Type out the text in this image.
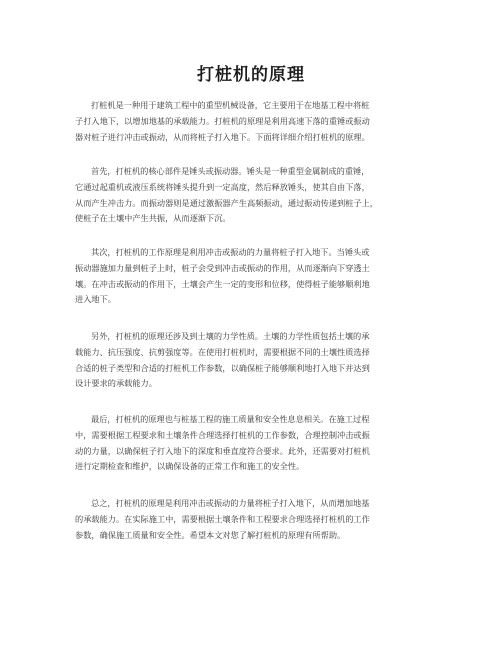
打桩机的原理
打桩机是一种用于建筑工程中的重型机械设备，它主要用于在地基工程中将桩
子打入地下，以增加地基的承载能力。打桩机的原理是利用高速下落的重锤或振动
器对桩子进行冲击或振动，从而将桩子打入地下。下面将详细介绍打桩机的原理。
首先，打桩机的核心部件是锤头或振动器。锤头是一种重型金属制成的重锤，
它通过起重机或液压系统将锤头提升到一定高度，然后释放锤头，使其自由下落，
从而产生冲击力。而振动器则是通过激振器产生高频振动，通过振动传递到桩子上，
使桩子在土壤中产生共振，从而逐渐下沉。
其次，打桩机的工作原理是利用冲击或振动的力量将桩子打入地下。当锤头或
振动器施加力量到桩子上时，桩子会受到冲击或振动的作用，从而逐渐向下穿透土
壤。在冲击或振动的作用下，土壤会产生一定的变形和位移，使得桩子能够顺利地
进入地下。
另外，打桩机的原理还涉及到土壤的力学性质。土壤的力学性质包括土壤的承
载能力、抗压强度、抗剪强度等。在使用打桩机时，需要根据不同的土壤性质选择
合适的桩子类型和合适的打桩机工作参数，以确保桩子能够顺利地打入地下并达到
设计要求的承载能力。
最后，打桩机的原理也与桩基工程的施工质量和安全性息息相关。在施工过程
中，需要根据工程要求和土壤条件合理选择打桩机的工作参数，合理控制冲击或振
动的力量，以确保桩子打入地下的深度和垂直度符合要求。此外，还需要对打桩机
进行定期检查和维护，以确保设备的正常工作和施工的安全性。
总之，打桩机的原理是利用冲击或振动的力量将桩子打入地下，从而增加地基
的承载能力。在实际施工中，需要根据土壤条件和工程要求合理选择打桩机的工作
参数，确保施工质量和安全性。希望本文对您了解打桩机的原理有所帮助。
